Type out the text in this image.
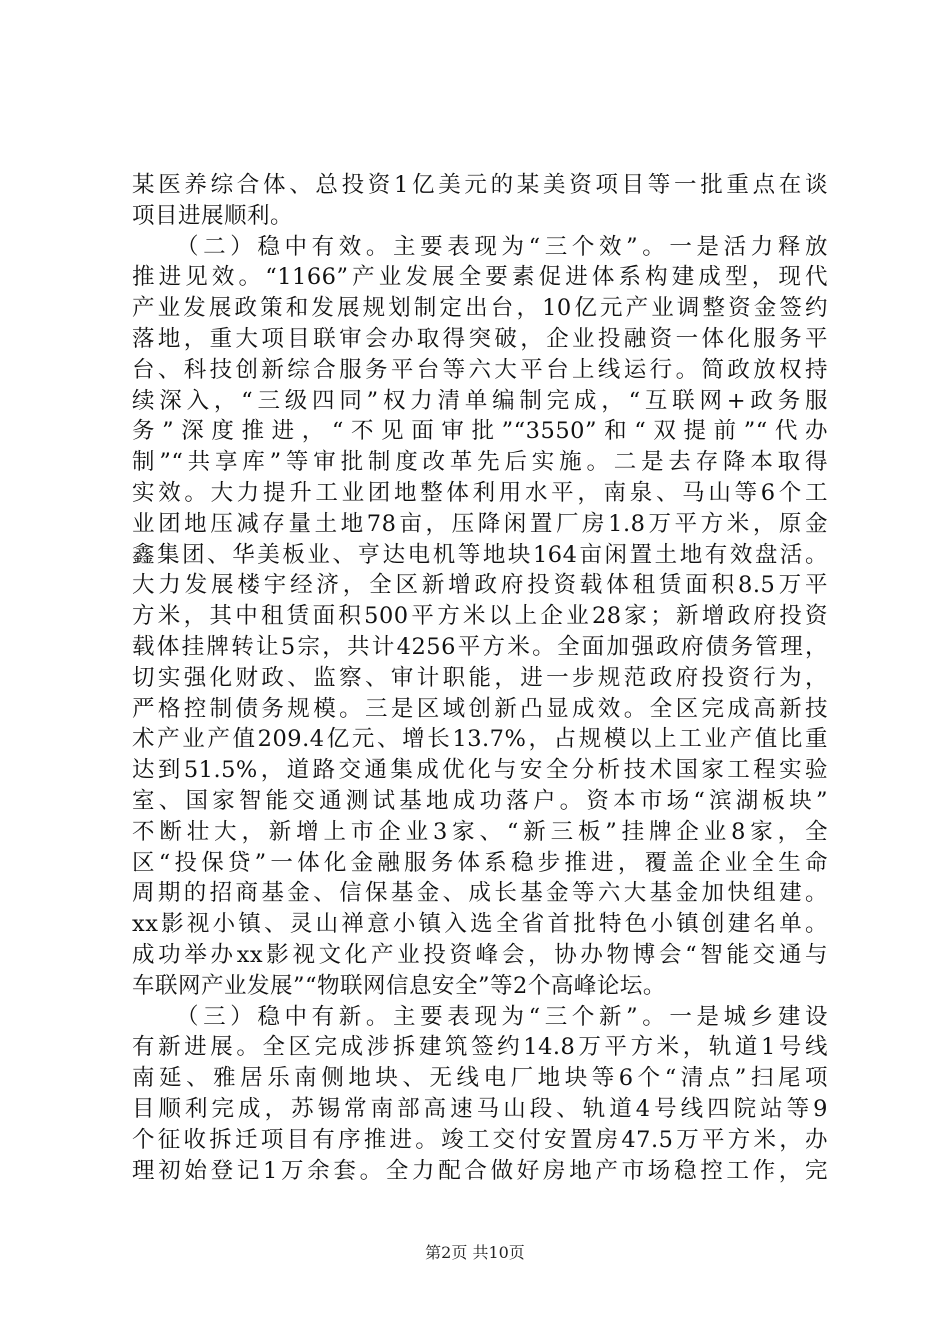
某医养综合体、总投资1亿美元的某美资项目等一批重点在谈
项目进展顺利。
（二）稳中有效。主要表现为“三个效”。一是活力释放
推进见效。“1166”产业发展全要素促进体系构建成型，现代
产业发展政策和发展规划制定出台，10亿元产业调整资金签约
落地，重大项目联审会办取得突破，企业投融资一体化服务平
台、科技创新综合服务平台等六大平台上线运行。简政放权持
续深入，“三级四同”权力清单编制完成，“互联网+政务服
务”深度推进，“不见面审批”“3550”和“双提前”“代办
制”“共享库”等审批制度改革先后实施。二是去存降本取得
实效。大力提升工业团地整体利用水平，南泉、马山等6个工
业团地压减存量土地78亩，压降闲置厂房1.8万平方米，原金
鑫集团、华美板业、亨达电机等地块164亩闲置土地有效盘活。
大力发展楼宇经济，全区新增政府投资载体租赁面积8.5万平
方米，其中租赁面积500平方米以上企业28家；新增政府投资
载体挂牌转让5宗，共计4256平方米。全面加强政府债务管理，
切实强化财政、监察、审计职能，进一步规范政府投资行为，
严格控制债务规模。三是区域创新凸显成效。全区完成高新技
术产业产值209.4亿元、增长13.7%，占规模以上工业产值比重
达到51.5%，道路交通集成优化与安全分析技术国家工程实验
室、国家智能交通测试基地成功落户。资本市场“滨湖板块”
不断壮大，新增上市企业3家、“新三板”挂牌企业8家，全
区“投保贷”一体化金融服务体系稳步推进，覆盖企业全生命
周期的招商基金、信保基金、成长基金等六大基金加快组建。
xx影视小镇、灵山禅意小镇入选全省首批特色小镇创建名单。
成功举办xx影视文化产业投资峰会，协办物博会“智能交通与
车联网产业发展”“物联网信息安全”等2个高峰论坛。
（三）稳中有新。主要表现为“三个新”。一是城乡建设
有新进展。全区完成涉拆建筑签约14.8万平方米，轨道1号线
南延、雅居乐南侧地块、无线电厂地块等6个“清点”扫尾项
目顺利完成，苏锡常南部高速马山段、轨道4号线四院站等9
个征收拆迁项目有序推进。竣工交付安置房47.5万平方米，办
理初始登记1万余套。全力配合做好房地产市场稳控工作，完
第2页 共10页
